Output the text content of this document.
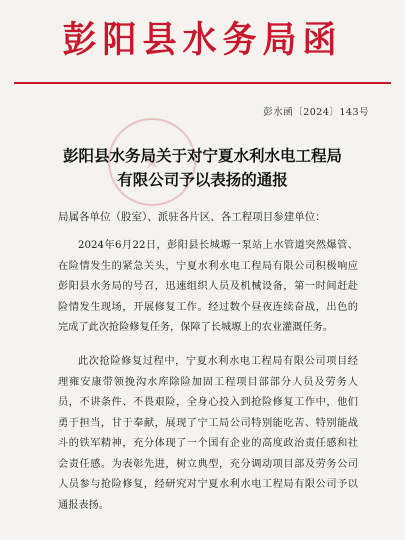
彭阳县水务局函
彭水函〔2024〕143号
彭阳县水务局关于对宁夏水利水电工程局
有限公司予以表扬的通报
局属各单位（股室）、派驻各片区、各工程项目参建单位：
2024年6月22日，彭阳县长城塬一泵站上水管道突然爆管、
在险情发生的紧急关头，宁夏水利水电工程局有限公司积极响应
彭阳县水务局的号召，迅速组织人员及机械设备，第一时间赶赴
险情发生现场，开展修复工作。经过数个昼夜连续奋战，出色的
完成了此次抢险修复任务，保障了长城塬上的农业灌溉任务。
此次抢险修复过程中，宁夏水利水电工程局有限公司项目经
理雍安康带领挽沟水库除险加固工程项目部部分人员及劳务人
员，不讲条件、不畏艰险，全身心投入到抢险修复工作中，他们
勇于担当，甘于奉献，展现了宁工局公司特别能吃苦、特别能战
斗的铁军精神，充分体现了一个国有企业的高度政治责任感和社
会责任感。为表彰先进，树立典型，充分调动项目部及劳务公司
人员参与抢险修复，经研究对宁夏水利水电工程局有限公司予以
通报表扬。
